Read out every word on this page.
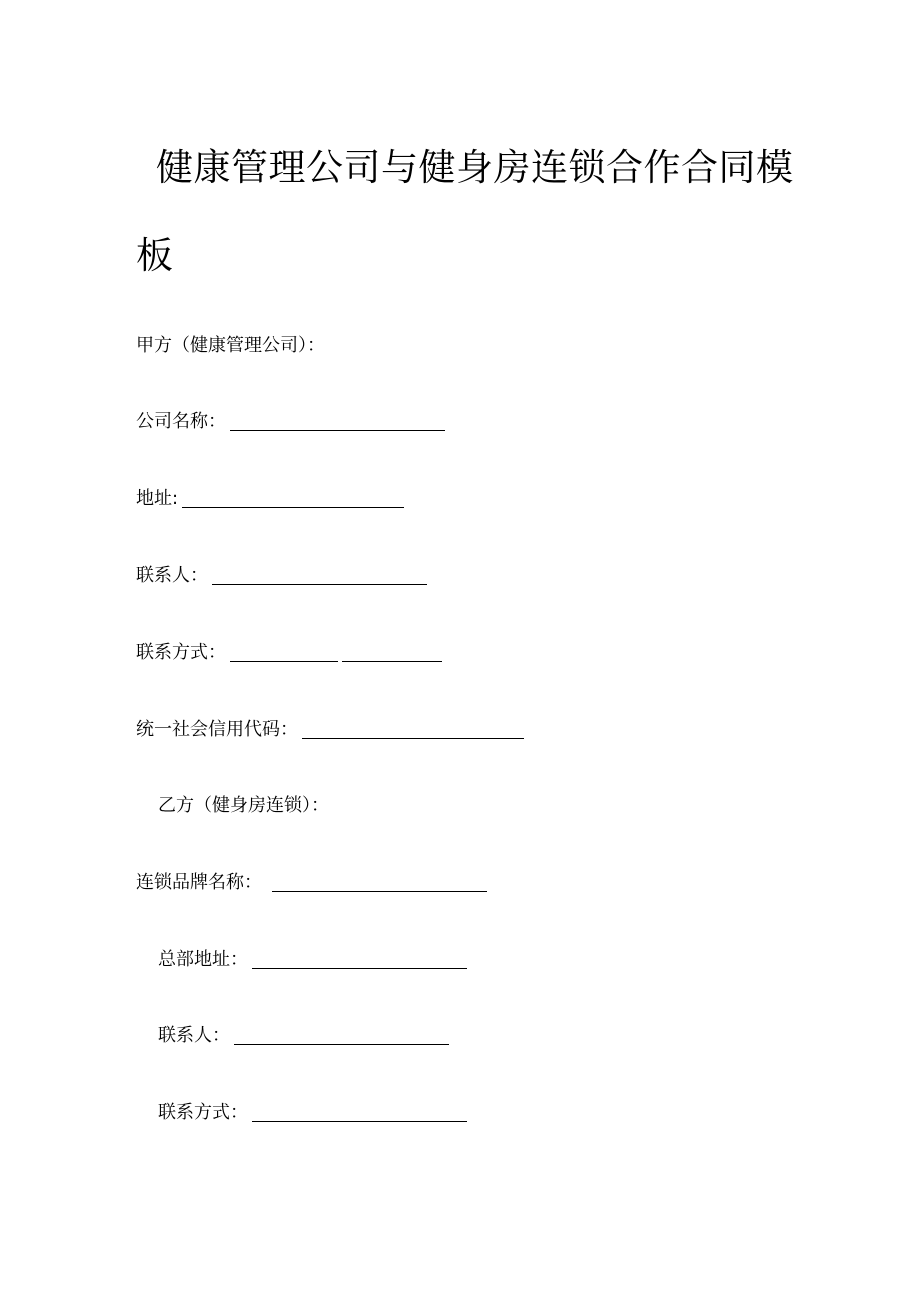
健康管理公司与健身房连锁合作合同模
板
甲方（健康管理公司）：
公司名称：
地址:
联系人：
联系方式：
统一社会信用代码：
乙方（健身房连锁）：
连锁品牌名称：
总部地址：
联系人：
联系方式：
